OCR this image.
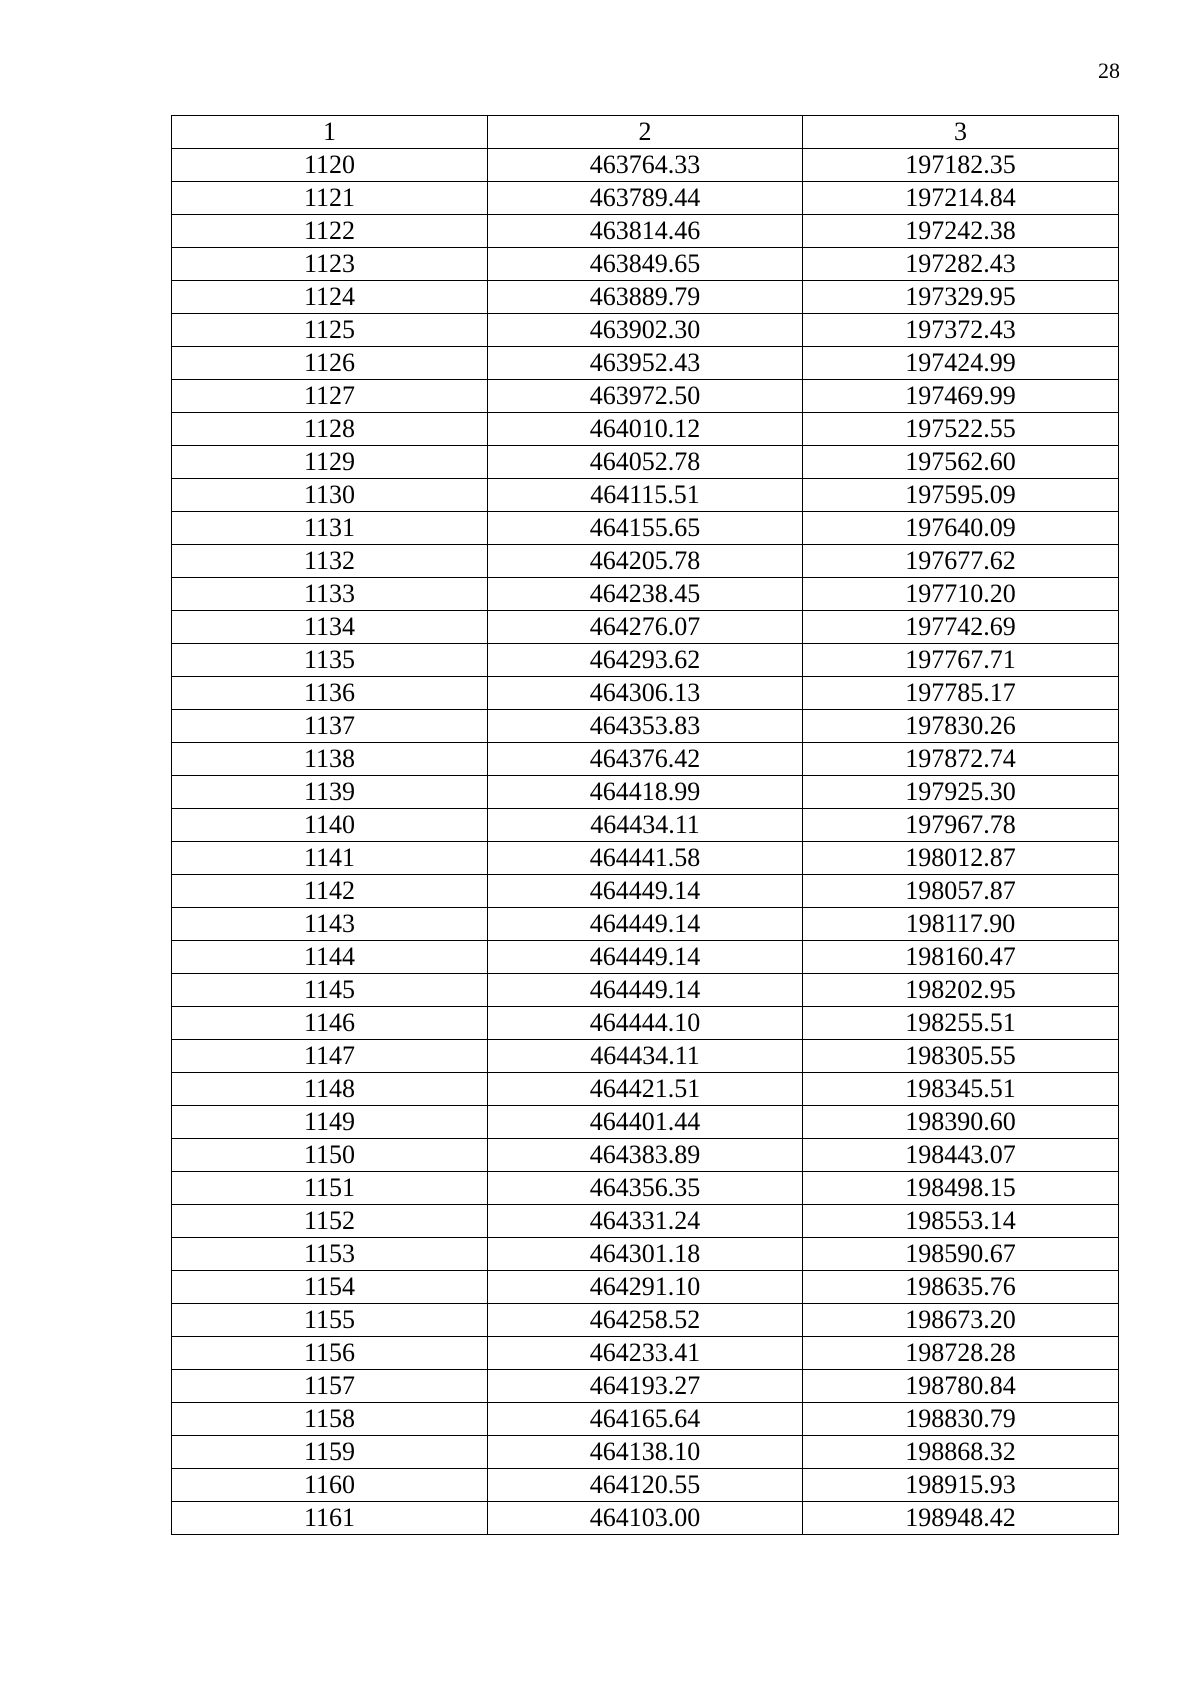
28
1	2	3
1120	463764.33	197182.35
1121	463789.44	197214.84
1122	463814.46	197242.38
1123	463849.65	197282.43
1124	463889.79	197329.95
1125	463902.30	197372.43
1126	463952.43	197424.99
1127	463972.50	197469.99
1128	464010.12	197522.55
1129	464052.78	197562.60
1130	464115.51	197595.09
1131	464155.65	197640.09
1132	464205.78	197677.62
1133	464238.45	197710.20
1134	464276.07	197742.69
1135	464293.62	197767.71
1136	464306.13	197785.17
1137	464353.83	197830.26
1138	464376.42	197872.74
1139	464418.99	197925.30
1140	464434.11	197967.78
1141	464441.58	198012.87
1142	464449.14	198057.87
1143	464449.14	198117.90
1144	464449.14	198160.47
1145	464449.14	198202.95
1146	464444.10	198255.51
1147	464434.11	198305.55
1148	464421.51	198345.51
1149	464401.44	198390.60
1150	464383.89	198443.07
1151	464356.35	198498.15
1152	464331.24	198553.14
1153	464301.18	198590.67
1154	464291.10	198635.76
1155	464258.52	198673.20
1156	464233.41	198728.28
1157	464193.27	198780.84
1158	464165.64	198830.79
1159	464138.10	198868.32
1160	464120.55	198915.93
1161	464103.00	198948.42
